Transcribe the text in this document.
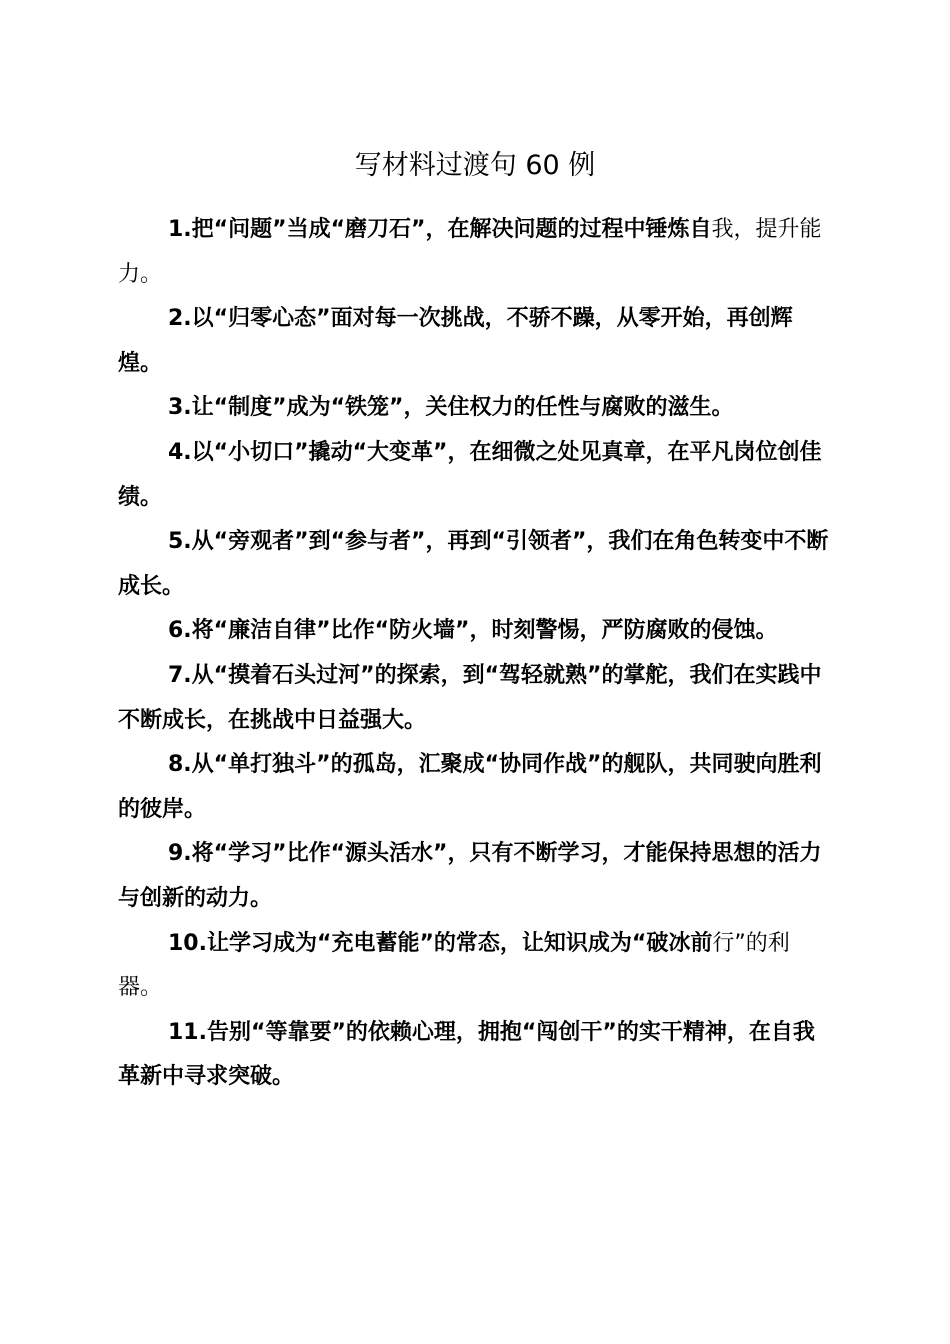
写材料过渡句 60 例

1.把“问题”当成“磨刀石”，在解决问题的过程中锤炼自我，提升能力。

2.以“归零心态”面对每一次挑战，不骄不躁，从零开始，再创辉煌。

3.让“制度”成为“铁笼”，关住权力的任性与腐败的滋生。

4.以“小切口”撬动“大变革”，在细微之处见真章，在平凡岗位创佳绩。

5.从“旁观者”到“参与者”，再到“引领者”，我们在角色转变中不断成长。

6.将“廉洁自律”比作“防火墙”，时刻警惕，严防腐败的侵蚀。

7.从“摸着石头过河”的探索，到“驾轻就熟”的掌舵，我们在实践中不断成长，在挑战中日益强大。

8.从“单打独斗”的孤岛，汇聚成“协同作战”的舰队，共同驶向胜利的彼岸。

9.将“学习”比作“源头活水”，只有不断学习，才能保持思想的活力与创新的动力。

10.让学习成为“充电蓄能”的常态，让知识成为“破冰前行”的利器。

11.告别“等靠要”的依赖心理，拥抱“闯创干”的实干精神，在自我革新中寻求突破。
